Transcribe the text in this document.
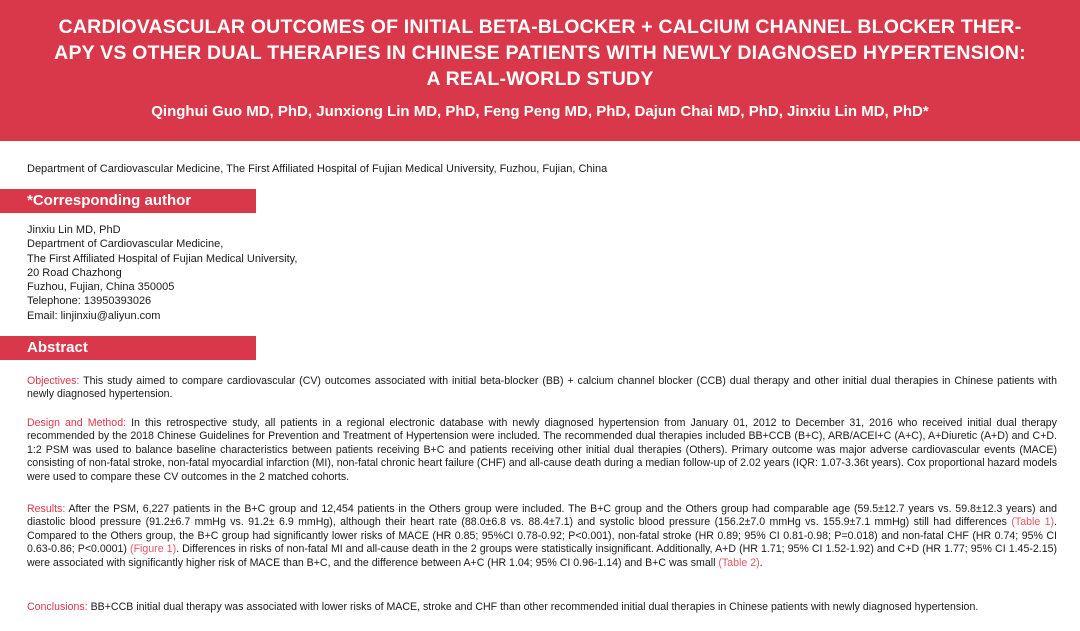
CARDIOVASCULAR OUTCOMES OF INITIAL BETA-BLOCKER + CALCIUM CHANNEL BLOCKER THER-
APY VS OTHER DUAL THERAPIES IN CHINESE PATIENTS WITH NEWLY DIAGNOSED HYPERTENSION:
A REAL-WORLD STUDY
Qinghui Guo MD, PhD, Junxiong Lin MD, PhD, Feng Peng MD, PhD, Dajun Chai MD, PhD, Jinxiu Lin MD, PhD*
Department of Cardiovascular Medicine, The First Affiliated Hospital of Fujian Medical University, Fuzhou, Fujian, China
*Corresponding author
Jinxiu Lin MD, PhD
Department of Cardiovascular Medicine,
The First Affiliated Hospital of Fujian Medical University,
20 Road Chazhong
Fuzhou, Fujian, China 350005
Telephone: 13950393026
Email: linjinxiu@aliyun.com
Abstract
Objectives: This study aimed to compare cardiovascular (CV) outcomes associated with initial beta-blocker (BB) + calcium channel blocker (CCB) dual therapy and other initial dual therapies in Chinese patients with newly diagnosed hypertension.
Design and Method: In this retrospective study, all patients in a regional electronic database with newly diagnosed hypertension from January 01, 2012 to December 31, 2016 who received initial dual therapy recommended by the 2018 Chinese Guidelines for Prevention and Treatment of Hypertension were included. The recommended dual therapies included BB+CCB (B+C), ARB/ACEI+C (A+C), A+Diuretic (A+D) and C+D. 1:2 PSM was used to balance baseline characteristics between patients receiving B+C and patients receiving other initial dual therapies (Others). Primary outcome was major adverse cardiovascular events (MACE) consisting of non-fatal stroke, non-fatal myocardial infarction (MI), non-fatal chronic heart failure (CHF) and all-cause death during a median follow-up of 2.02 years (IQR: 1.07-3.36t years). Cox proportional hazard models were used to compare these CV outcomes in the 2 matched cohorts.
Results: After the PSM, 6,227 patients in the B+C group and 12,454 patients in the Others group were included. The B+C group and the Others group had comparable age (59.5±12.7 years vs. 59.8±12.3 years) and diastolic blood pressure (91.2±6.7 mmHg vs. 91.2± 6.9 mmHg), although their heart rate (88.0±6.8 vs. 88.4±7.1) and systolic blood pressure (156.2±7.0 mmHg vs. 155.9±7.1 mmHg) still had differences (Table 1). Compared to the Others group, the B+C group had significantly lower risks of MACE (HR 0.85; 95%CI 0.78-0.92; P<0.001), non-fatal stroke (HR 0.89; 95% CI 0.81-0.98; P=0.018) and non-fatal CHF (HR 0.74; 95% CI 0.63-0.86; P<0.0001) (Figure 1). Differences in risks of non-fatal MI and all-cause death in the 2 groups were statistically insignificant. Additionally, A+D (HR 1.71; 95% CI 1.52-1.92) and C+D (HR 1.77; 95% CI 1.45-2.15) were associated with significantly higher risk of MACE than B+C, and the difference between A+C (HR 1.04; 95% CI 0.96-1.14) and B+C was small (Table 2).
Conclusions: BB+CCB initial dual therapy was associated with lower risks of MACE, stroke and CHF than other recommended initial dual therapies in Chinese patients with newly diagnosed hypertension.
